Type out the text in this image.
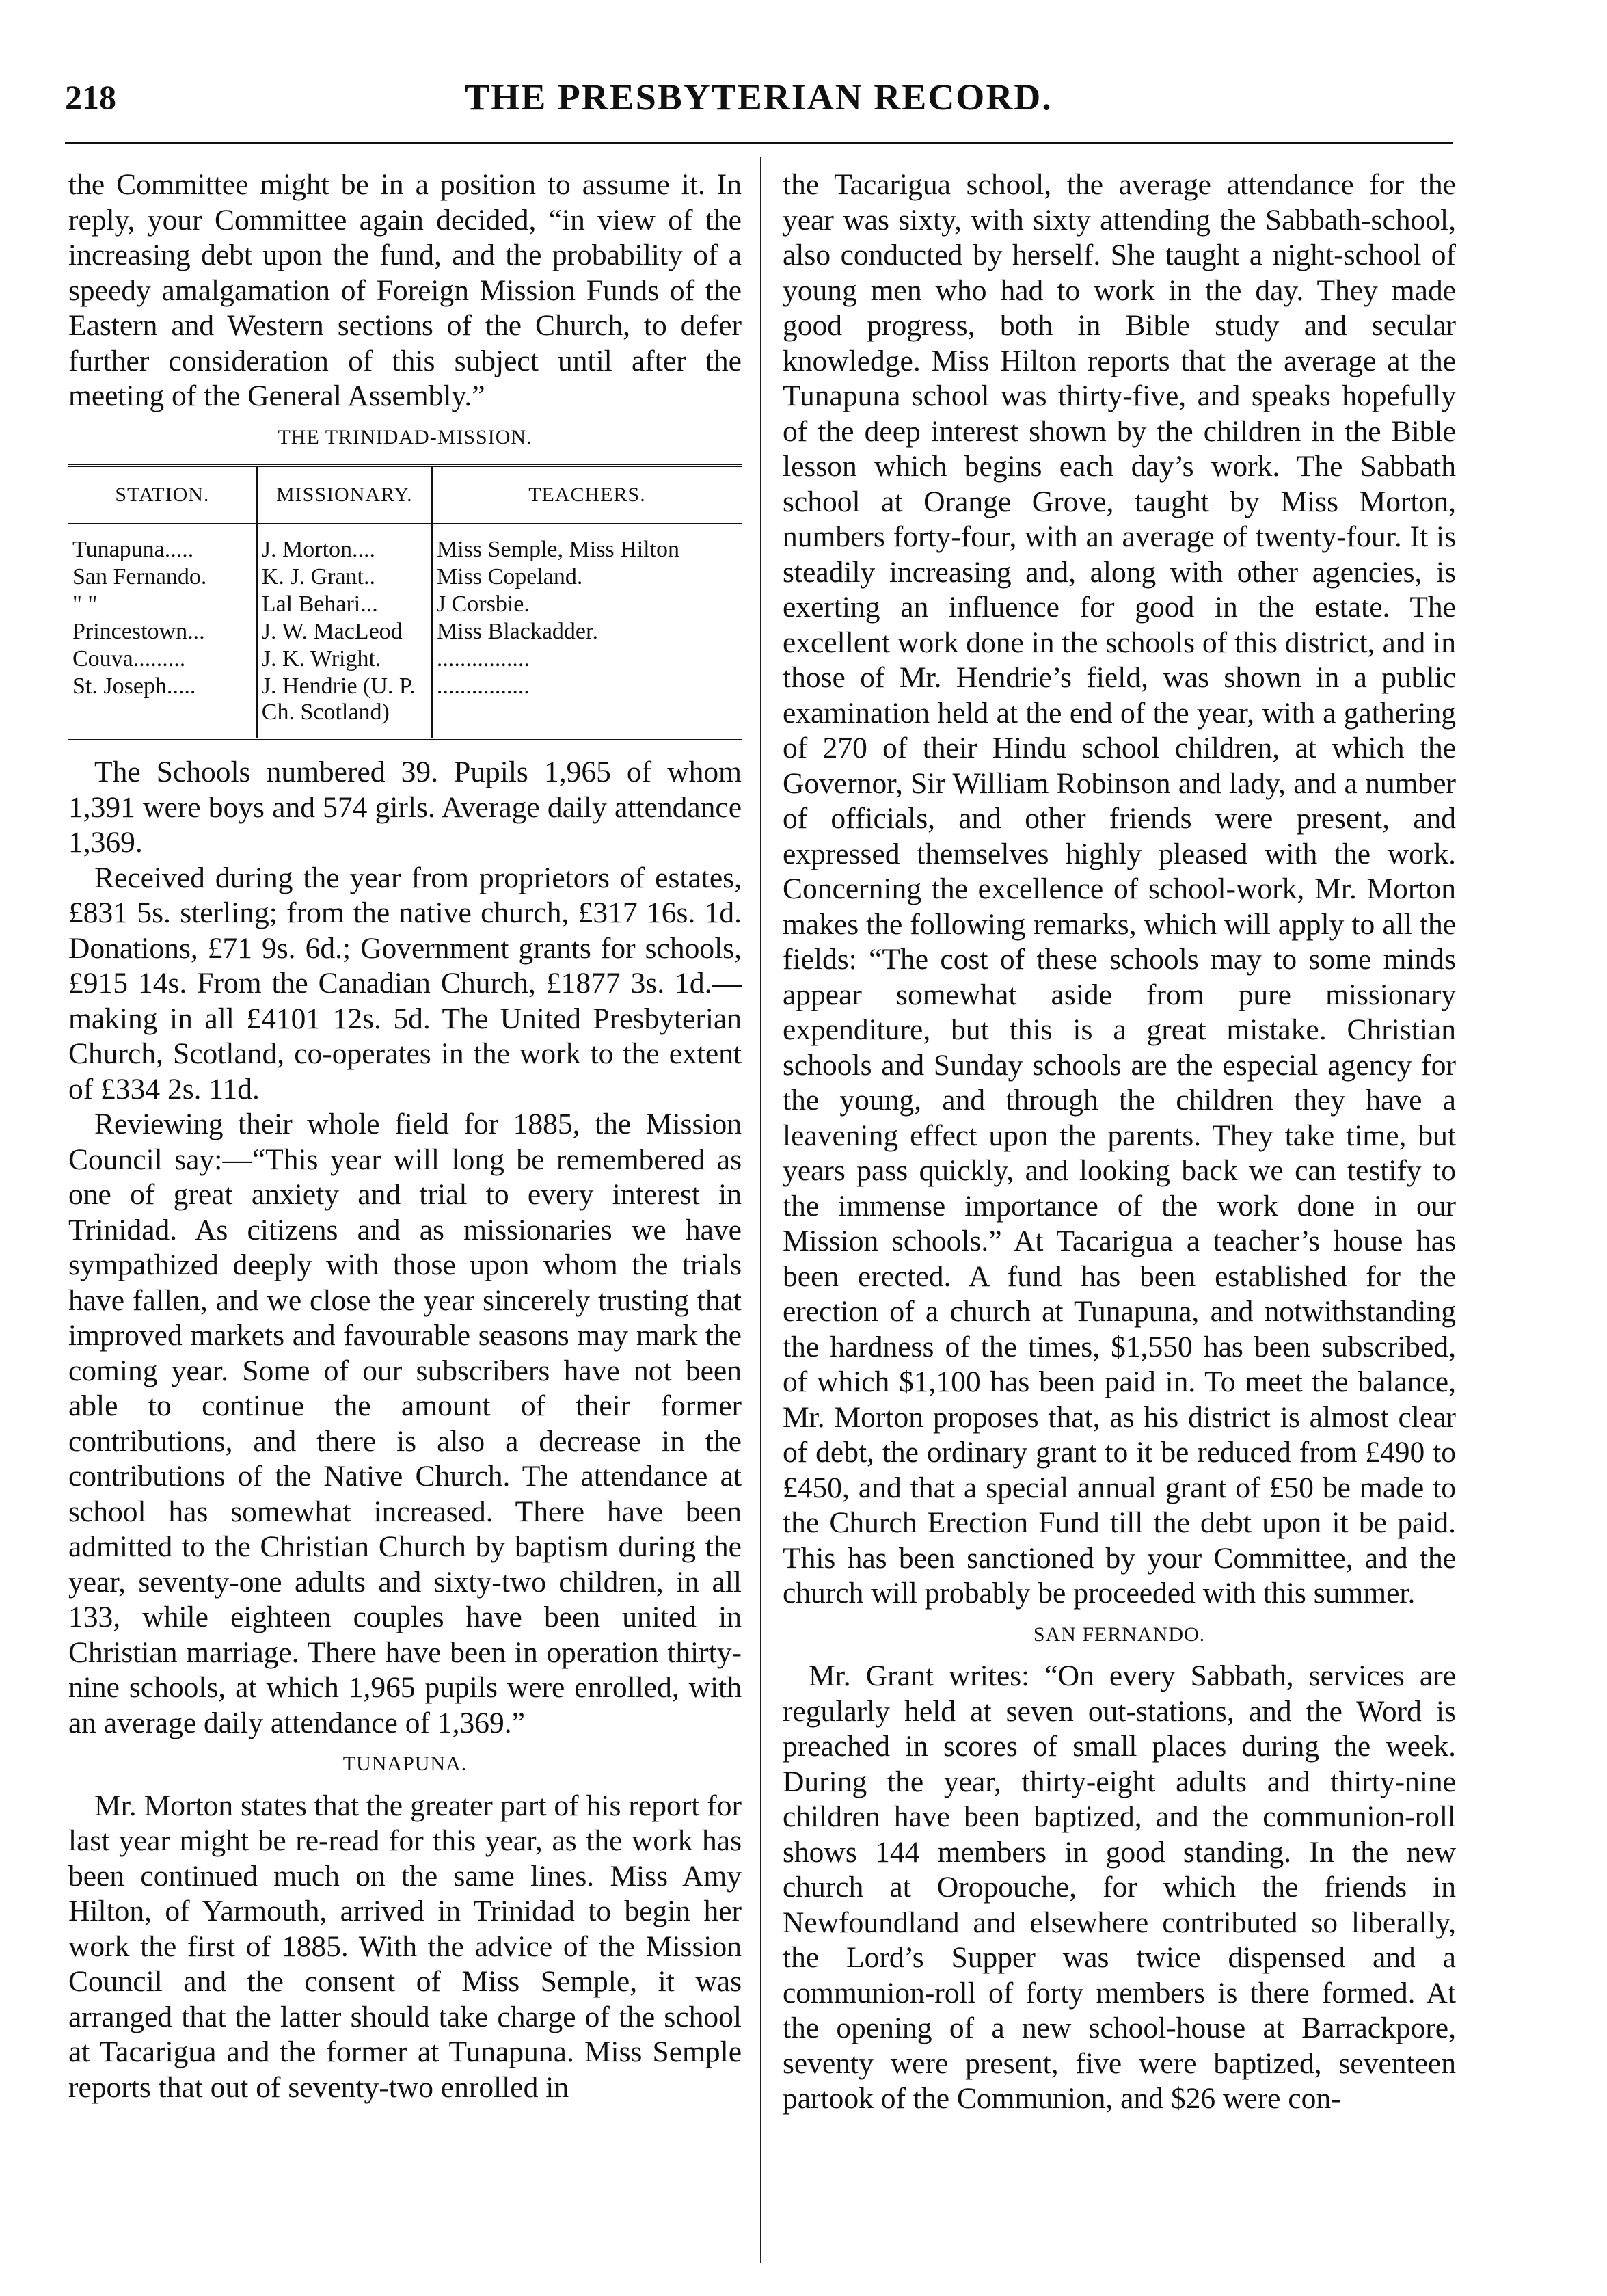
218	THE PRESBYTERIAN RECORD.

the Committee might be in a position to assume it. In reply, your Committee again decided, “in view of the increasing debt upon the fund, and the probability of a speedy amalgamation of Foreign Mission Funds of the Eastern and Western sections of the Church, to defer further consideration of this subject until after the meeting of the General Assembly.”

THE TRINIDAD-MISSION.
STATION.	MISSIONARY.	TEACHERS.
Tunapuna.....	J. Morton....	Miss Semple, Miss Hilton
San Fernando.	K. J. Grant..	Miss Copeland.
" "	Lal Behari...	J Corsbie.
Princestown...	J. W. MacLeod	Miss Blackadder.
Couva.........	J. K. Wright.	................
St. Joseph.....	J. Hendrie (U. P. Ch. Scotland)	................

The Schools numbered 39. Pupils 1,965 of whom 1,391 were boys and 574 girls. Average daily attendance 1,369.

Received during the year from proprietors of estates, £831 5s. sterling; from the native church, £317 16s. 1d. Donations, £71 9s. 6d.; Government grants for schools, £915 14s. From the Canadian Church, £1877 3s. 1d.—making in all £4101 12s. 5d. The United Presbyterian Church, Scotland, co-operates in the work to the extent of £334 2s. 11d.

Reviewing their whole field for 1885, the Mission Council say:—“This year will long be remembered as one of great anxiety and trial to every interest in Trinidad. As citizens and as missionaries we have sympathized deeply with those upon whom the trials have fallen, and we close the year sincerely trusting that improved markets and favourable seasons may mark the coming year. Some of our subscribers have not been able to continue the amount of their former contributions, and there is also a decrease in the contributions of the Native Church. The attendance at school has somewhat increased. There have been admitted to the Christian Church by baptism during the year, seventy-one adults and sixty-two children, in all 133, while eighteen couples have been united in Christian marriage. There have been in operation thirty-nine schools, at which 1,965 pupils were enrolled, with an average daily attendance of 1,369.”

TUNAPUNA.

Mr. Morton states that the greater part of his report for last year might be re-read for this year, as the work has been continued much on the same lines. Miss Amy Hilton, of Yarmouth, arrived in Trinidad to begin her work the first of 1885. With the advice of the Mission Council and the consent of Miss Semple, it was arranged that the latter should take charge of the school at Tacarigua and the former at Tunapuna. Miss Semple reports that out of seventy-two enrolled in

the Tacarigua school, the average attendance for the year was sixty, with sixty attending the Sabbath-school, also conducted by herself. She taught a night-school of young men who had to work in the day. They made good progress, both in Bible study and secular knowledge. Miss Hilton reports that the average at the Tunapuna school was thirty-five, and speaks hopefully of the deep interest shown by the children in the Bible lesson which begins each day’s work. The Sabbath school at Orange Grove, taught by Miss Morton, numbers forty-four, with an average of twenty-four. It is steadily increasing and, along with other agencies, is exerting an influence for good in the estate. The excellent work done in the schools of this district, and in those of Mr. Hendrie’s field, was shown in a public examination held at the end of the year, with a gathering of 270 of their Hindu school children, at which the Governor, Sir William Robinson and lady, and a number of officials, and other friends were present, and expressed themselves highly pleased with the work. Concerning the excellence of school-work, Mr. Morton makes the following remarks, which will apply to all the fields: “The cost of these schools may to some minds appear somewhat aside from pure missionary expenditure, but this is a great mistake. Christian schools and Sunday schools are the especial agency for the young, and through the children they have a leavening effect upon the parents. They take time, but years pass quickly, and looking back we can testify to the immense importance of the work done in our Mission schools.” At Tacarigua a teacher’s house has been erected. A fund has been established for the erection of a church at Tunapuna, and notwithstanding the hardness of the times, $1,550 has been subscribed, of which $1,100 has been paid in. To meet the balance, Mr. Morton proposes that, as his district is almost clear of debt, the ordinary grant to it be reduced from £490 to £450, and that a special annual grant of £50 be made to the Church Erection Fund till the debt upon it be paid. This has been sanctioned by your Committee, and the church will probably be proceeded with this summer.

SAN FERNANDO.

Mr. Grant writes: “On every Sabbath, services are regularly held at seven out-stations, and the Word is preached in scores of small places during the week. During the year, thirty-eight adults and thirty-nine children have been baptized, and the communion-roll shows 144 members in good standing. In the new church at Oropouche, for which the friends in Newfoundland and elsewhere contributed so liberally, the Lord’s Supper was twice dispensed and a communion-roll of forty members is there formed. At the opening of a new school-house at Barrackpore, seventy were present, five were baptized, seventeen partook of the Communion, and $26 were con-
